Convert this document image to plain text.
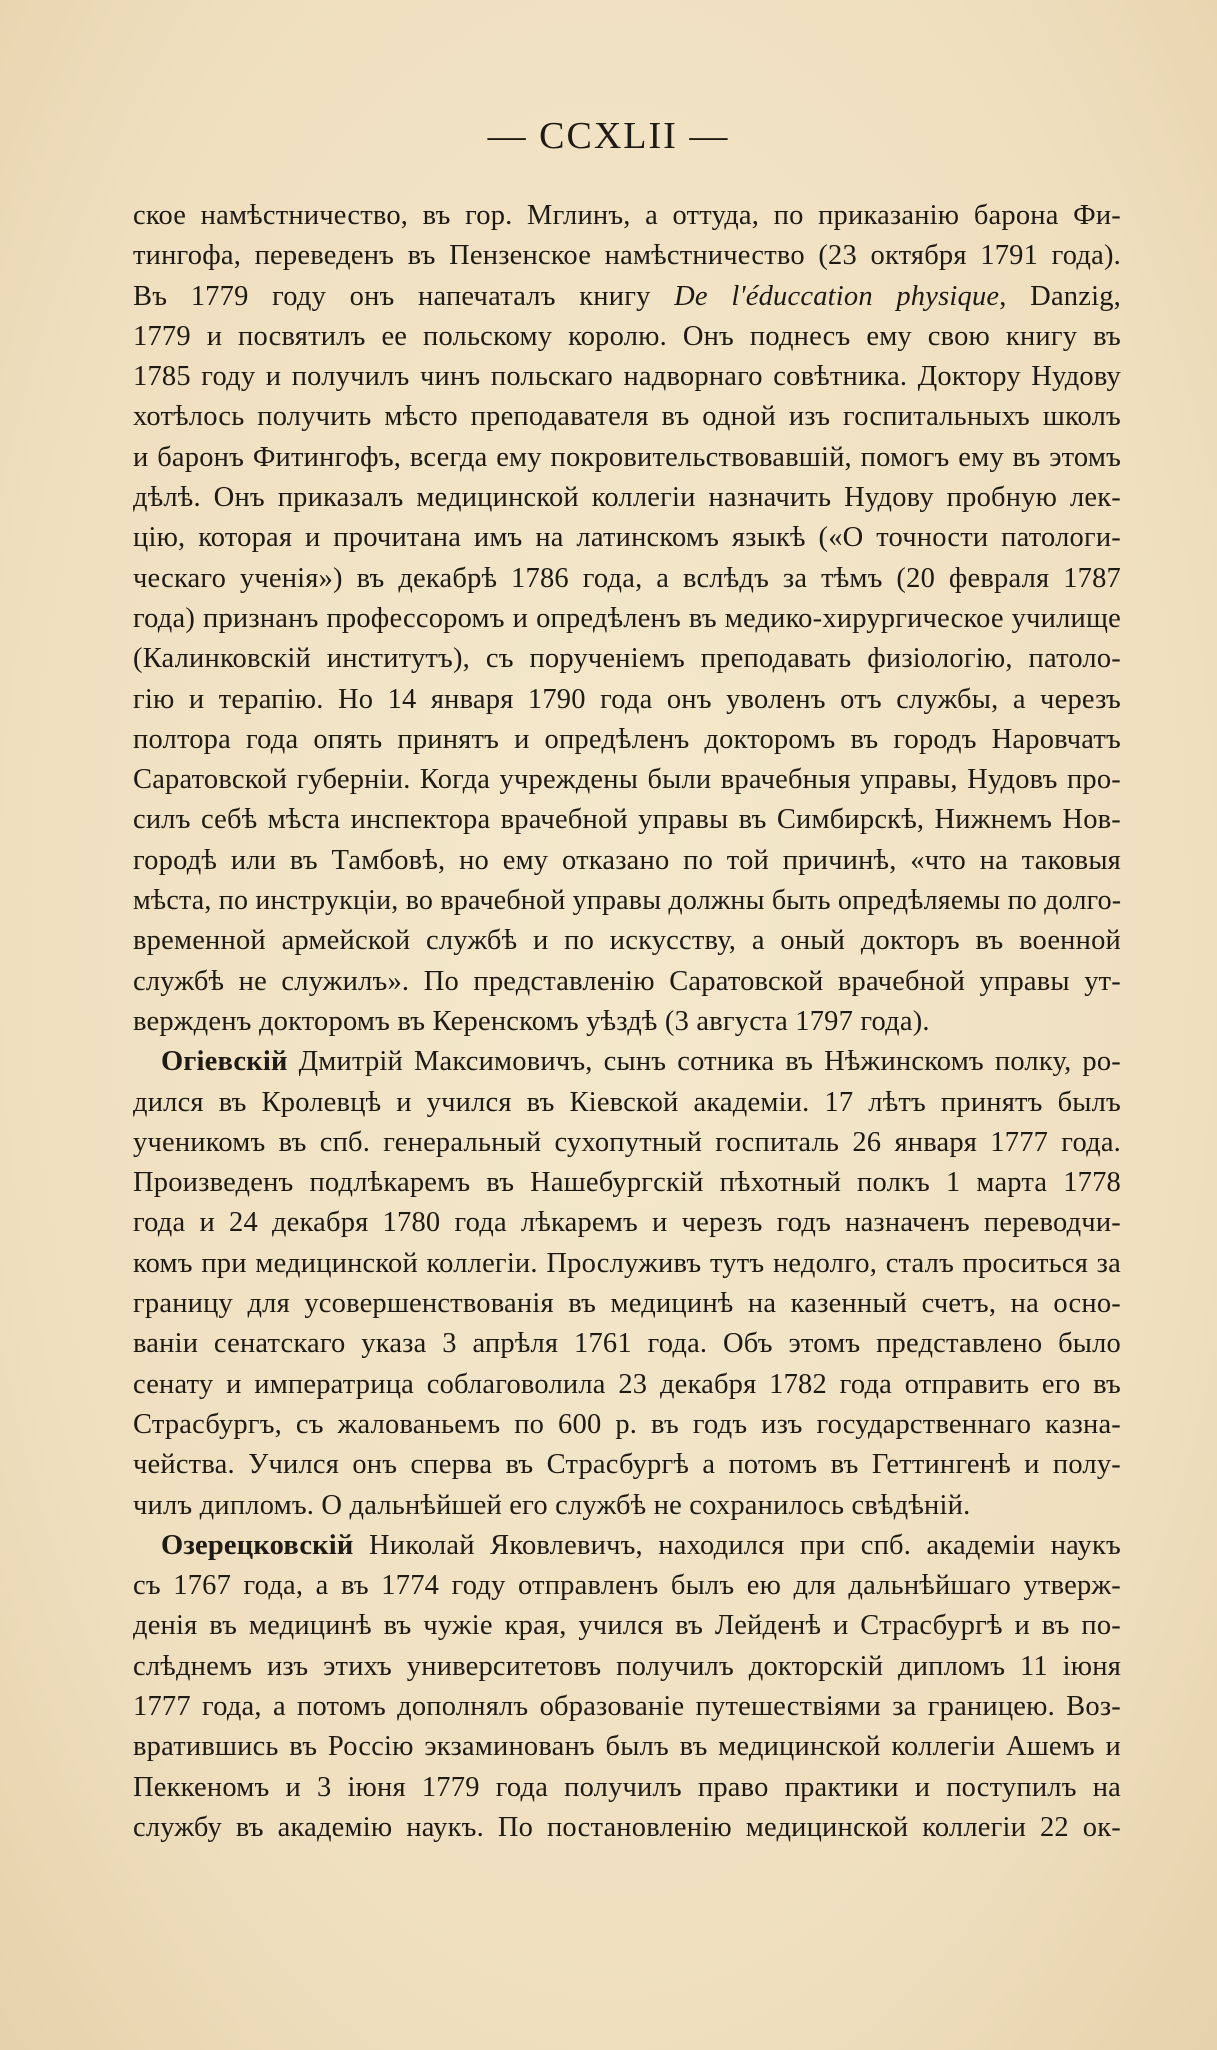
— CCXLII —
ское намѣстничество, въ гор. Мглинъ, а оттуда, по приказанію барона Фи-
тингофа, переведенъ въ Пензенское намѣстничество (23 октября 1791 года).
Въ 1779 году онъ напечаталъ книгу De l'éduccation physique, Danzig,
1779 и посвятилъ ее польскому королю. Онъ поднесъ ему свою книгу въ
1785 году и получилъ чинъ польскаго надворнаго совѣтника. Доктору Нудову
хотѣлось получить мѣсто преподавателя въ одной изъ госпитальныхъ школъ
и баронъ Фитингофъ, всегда ему покровительствовавшій, помогъ ему въ этомъ
дѣлѣ. Онъ приказалъ медицинской коллегіи назначить Нудову пробную лек-
цію, которая и прочитана имъ на латинскомъ языкѣ («О точности патологи-
ческаго ученія») въ декабрѣ 1786 года, а вслѣдъ за тѣмъ (20 февраля 1787
года) признанъ профессоромъ и опредѣленъ въ медико-хирургическое училище
(Калинковскій институтъ), съ порученіемъ преподавать физіологію, патоло-
гію и терапію. Но 14 января 1790 года онъ уволенъ отъ службы, а черезъ
полтора года опять принятъ и опредѣленъ докторомъ въ городъ Наровчатъ
Саратовской губерніи. Когда учреждены были врачебныя управы, Нудовъ про-
силъ себѣ мѣста инспектора врачебной управы въ Симбирскѣ, Нижнемъ Нов-
городѣ или въ Тамбовѣ, но ему отказано по той причинѣ, «что на таковыя
мѣста, по инструкціи, во врачебной управы должны быть опредѣляемы по долго-
временной армейской службѣ и по искусству, а оный докторъ въ военной
службѣ не служилъ». По представленію Саратовской врачебной управы ут-
вержденъ докторомъ въ Керенскомъ уѣздѣ (3 августа 1797 года).
Огіевскій Дмитрій Максимовичъ, сынъ сотника въ Нѣжинскомъ полку, ро-
дился въ Кролевцѣ и учился въ Кіевской академіи. 17 лѣтъ принятъ былъ
ученикомъ въ спб. генеральный сухопутный госпиталь 26 января 1777 года.
Произведенъ подлѣкаремъ въ Нашебургскій пѣхотный полкъ 1 марта 1778
года и 24 декабря 1780 года лѣкаремъ и черезъ годъ назначенъ переводчи-
комъ при медицинской коллегіи. Прослуживъ тутъ недолго, сталъ проситься за
границу для усовершенствованія въ медицинѣ на казенный счетъ, на осно-
ваніи сенатскаго указа 3 апрѣля 1761 года. Объ этомъ представлено было
сенату и императрица соблаговолила 23 декабря 1782 года отправить его въ
Страсбургъ, съ жалованьемъ по 600 р. въ годъ изъ государственнаго казна-
чейства. Учился онъ сперва въ Страсбургѣ а потомъ въ Геттингенѣ и полу-
чилъ дипломъ. О дальнѣйшей его службѣ не сохранилось свѣдѣній.
Озерецковскій Николай Яковлевичъ, находился при спб. академіи наукъ
съ 1767 года, а въ 1774 году отправленъ былъ ею для дальнѣйшаго утверж-
денія въ медицинѣ въ чужіе края, учился въ Лейденѣ и Страсбургѣ и въ по-
слѣднемъ изъ этихъ университетовъ получилъ докторскій дипломъ 11 іюня
1777 года, а потомъ дополнялъ образованіе путешествіями за границею. Воз-
вратившись въ Россію экзаминованъ былъ въ медицинской коллегіи Ашемъ и
Пеккеномъ и 3 іюня 1779 года получилъ право практики и поступилъ на
службу въ академію наукъ. По постановленію медицинской коллегіи 22 ок-
